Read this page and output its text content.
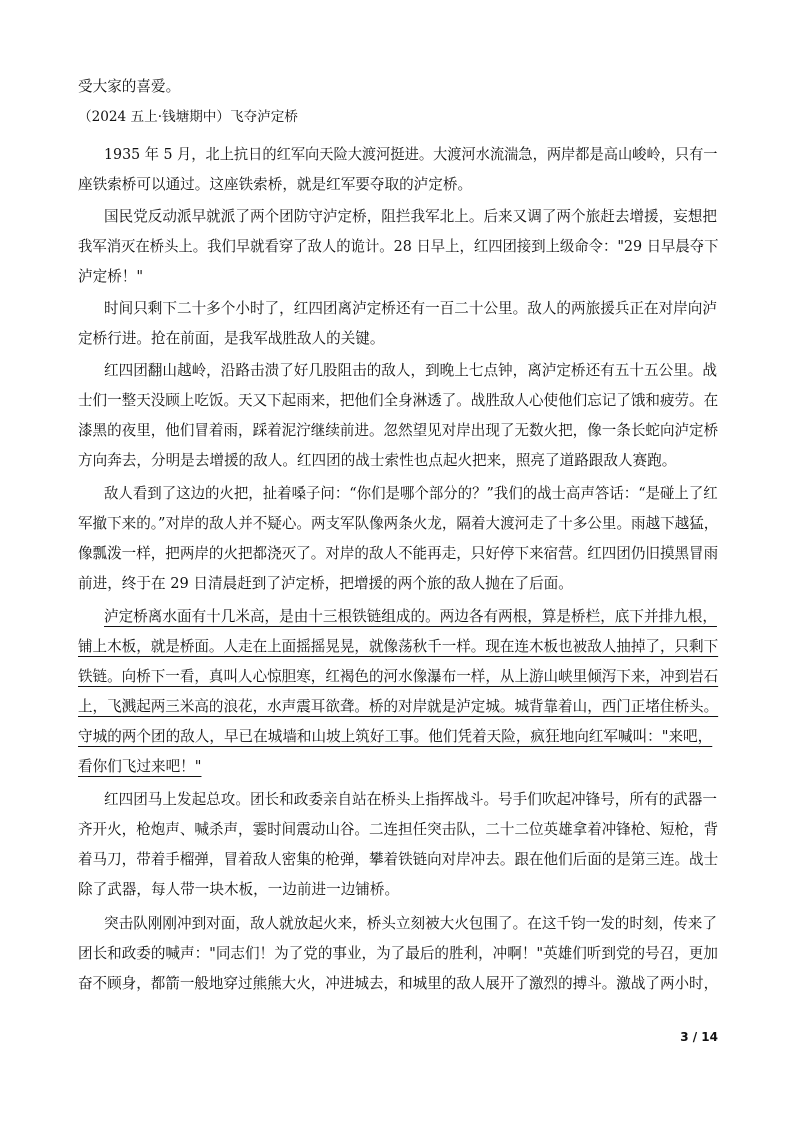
受大家的喜爱。
（2024 五上·钱塘期中）飞夺泸定桥
1935 年 5 月，北上抗日的红军向天险大渡河挺进。大渡河水流湍急，两岸都是高山峻岭，只有一
座铁索桥可以通过。这座铁索桥，就是红军要夺取的泸定桥。
国民党反动派早就派了两个团防守泸定桥，阻拦我军北上。后来又调了两个旅赶去增援，妄想把
我军消灭在桥头上。我们早就看穿了敌人的诡计。28 日早上，红四团接到上级命令："29 日早晨夺下
泸定桥！"
时间只剩下二十多个小时了，红四团离泸定桥还有一百二十公里。敌人的两旅援兵正在对岸向泸
定桥行进。抢在前面，是我军战胜敌人的关键。
红四团翻山越岭，沿路击溃了好几股阻击的敌人，到晚上七点钟，离泸定桥还有五十五公里。战
士们一整天没顾上吃饭。天又下起雨来，把他们全身淋透了。战胜敌人心使他们忘记了饿和疲劳。在
漆黑的夜里，他们冒着雨，踩着泥泞继续前进。忽然望见对岸出现了无数火把，像一条长蛇向泸定桥
方向奔去，分明是去增援的敌人。红四团的战士索性也点起火把来，照亮了道路跟敌人赛跑。
敌人看到了这边的火把，扯着嗓子问：“你们是哪个部分的？”我们的战士高声答话：“是碰上了红
军撤下来的。”对岸的敌人并不疑心。两支军队像两条火龙，隔着大渡河走了十多公里。雨越下越猛，
像瓢泼一样，把两岸的火把都浇灭了。对岸的敌人不能再走，只好停下来宿营。红四团仍旧摸黑冒雨
前进，终于在 29 日清晨赶到了泸定桥，把增援的两个旅的敌人抛在了后面。
泸定桥离水面有十几米高，是由十三根铁链组成的。两边各有两根，算是桥栏，底下并排九根，
铺上木板，就是桥面。人走在上面摇摇晃晃，就像荡秋千一样。现在连木板也被敌人抽掉了，只剩下
铁链。向桥下一看，真叫人心惊胆寒，红褐色的河水像瀑布一样，从上游山峡里倾泻下来，冲到岩石
上，飞溅起两三米高的浪花，水声震耳欲聋。桥的对岸就是泸定城。城背靠着山，西门正堵住桥头。
守城的两个团的敌人，早已在城墙和山坡上筑好工事。他们凭着天险，疯狂地向红军喊叫："来吧，
看你们飞过来吧！"
红四团马上发起总攻。团长和政委亲自站在桥头上指挥战斗。号手们吹起冲锋号，所有的武器一
齐开火，枪炮声、喊杀声，霎时间震动山谷。二连担任突击队，二十二位英雄拿着冲锋枪、短枪，背
着马刀，带着手榴弹，冒着敌人密集的枪弹，攀着铁链向对岸冲去。跟在他们后面的是第三连。战士
除了武器，每人带一块木板，一边前进一边铺桥。
突击队刚刚冲到对面，敌人就放起火来，桥头立刻被大火包围了。在这千钧一发的时刻，传来了
团长和政委的喊声："同志们！为了党的事业，为了最后的胜利，冲啊！"英雄们听到党的号召，更加
奋不顾身，都箭一般地穿过熊熊大火，冲进城去，和城里的敌人展开了激烈的搏斗。激战了两小时，
3 / 14
